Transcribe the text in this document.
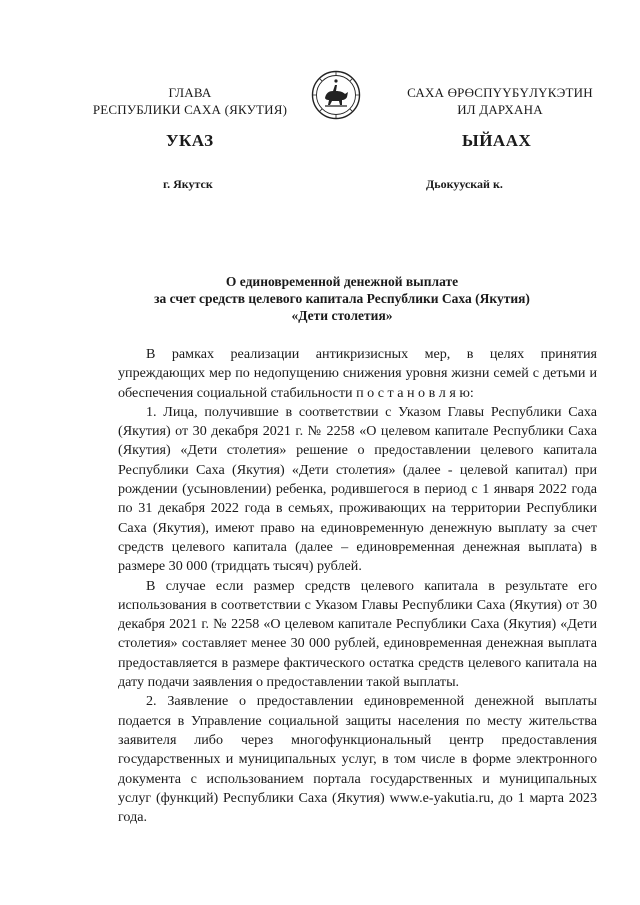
ГЛАВА
РЕСПУБЛИКИ САХА (ЯКУТИЯ)
САХА ӨРӨСПҮҮБҮЛҮКЭТИН
ИЛ ДАРХАНА
УКАЗ	ЫЙААХ
г. Якутск	Дьокуускай к.
О единовременной денежной выплате
за счет средств целевого капитала Республики Саха (Якутия)
«Дети столетия»

В рамках реализации антикризисных мер, в целях принятия упреждающих мер по недопущению снижения уровня жизни семей с детьми и обеспечения социальной стабильности п о с т а н о в л я ю:

1. Лица, получившие в соответствии с Указом Главы Республики Саха (Якутия) от 30 декабря 2021 г. № 2258 «О целевом капитале Республики Саха (Якутия) «Дети столетия» решение о предоставлении целевого капитала Республики Саха (Якутия) «Дети столетия» (далее - целевой капитал) при рождении (усыновлении) ребенка, родившегося в период с 1 января 2022 года по 31 декабря 2022 года в семьях, проживающих на территории Республики Саха (Якутия), имеют право на единовременную денежную выплату за счет средств целевого капитала (далее – единовременная денежная выплата) в размере 30 000 (тридцать тысяч) рублей.

В случае если размер средств целевого капитала в результате его использования в соответствии с Указом Главы Республики Саха (Якутия) от 30 декабря 2021 г. № 2258 «О целевом капитале Республики Саха (Якутия) «Дети столетия» составляет менее 30 000 рублей, единовременная денежная выплата предоставляется в размере фактического остатка средств целевого капитала на дату подачи заявления о предоставлении такой выплаты.

2. Заявление о предоставлении единовременной денежной выплаты подается в Управление социальной защиты населения по месту жительства заявителя либо через многофункциональный центр предоставления государственных и муниципальных услуг, в том числе в форме электронного документа с использованием портала государственных и муниципальных услуг (функций) Республики Саха (Якутия) www.e-yakutia.ru, до 1 марта 2023 года.
